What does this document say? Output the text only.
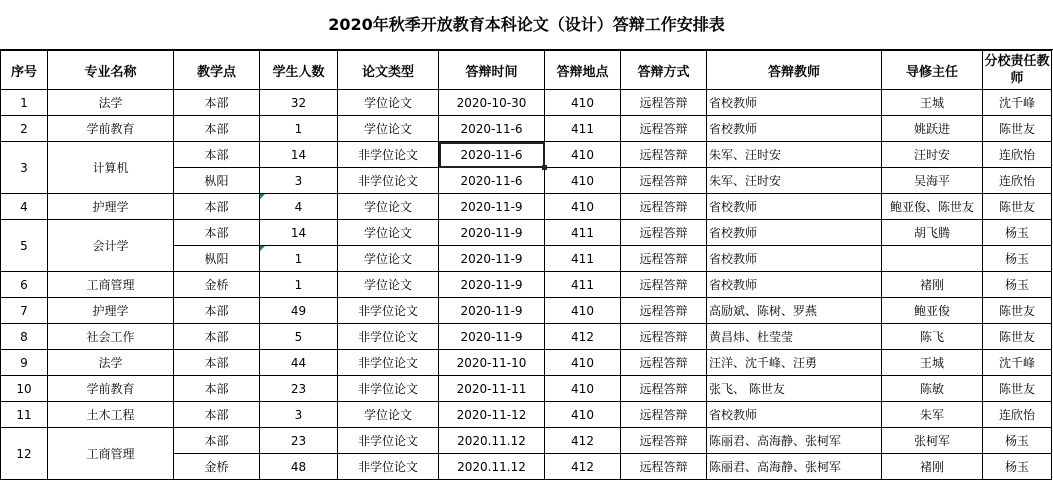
2020年秋季开放教育本科论文（设计）答辩工作安排表
序号	专业名称	教学点	学生人数	论文类型	答辩时间	答辩地点	答辩方式	答辩教师	导修主任	分校责任教师
1	法学	本部	32	学位论文	2020-10-30	410	远程答辩	省校教师	王城	沈千峰
2	学前教育	本部	1	学位论文	2020-11-6	411	远程答辩	省校教师	姚跃进	陈世友
3	计算机	本部	14	非学位论文	2020-11-6	410	远程答辩	朱军、汪时安	汪时安	连欣怡
		枞阳	3	非学位论文	2020-11-6	410	远程答辩	朱军、汪时安	吴海平	连欣怡
4	护理学	本部	4	学位论文	2020-11-9	410	远程答辩	省校教师	鲍亚俊、陈世友	陈世友
5	会计学	本部	14	学位论文	2020-11-9	411	远程答辩	省校教师	胡飞腾	杨玉
		枞阳	1	学位论文	2020-11-9	411	远程答辩	省校教师		杨玉
6	工商管理	金桥	1	学位论文	2020-11-9	411	远程答辩	省校教师	褚刚	杨玉
7	护理学	本部	49	非学位论文	2020-11-9	410	远程答辩	高励斌、陈树、罗燕	鲍亚俊	陈世友
8	社会工作	本部	5	非学位论文	2020-11-9	412	远程答辩	黄昌炜、杜莹莹	陈飞	陈世友
9	法学	本部	44	非学位论文	2020-11-10	410	远程答辩	汪洋、沈千峰、汪勇	王城	沈千峰
10	学前教育	本部	23	非学位论文	2020-11-11	410	远程答辩	张飞、 陈世友	陈敏	陈世友
11	土木工程	本部	3	学位论文	2020-11-12	410	远程答辩	省校教师	朱军	连欣怡
12	工商管理	本部	23	非学位论文	2020.11.12	412	远程答辩	陈丽君、高海静、张柯军	张柯军	杨玉
		金桥	48	非学位论文	2020.11.12	412	远程答辩	陈丽君、高海静、张柯军	褚刚	杨玉
